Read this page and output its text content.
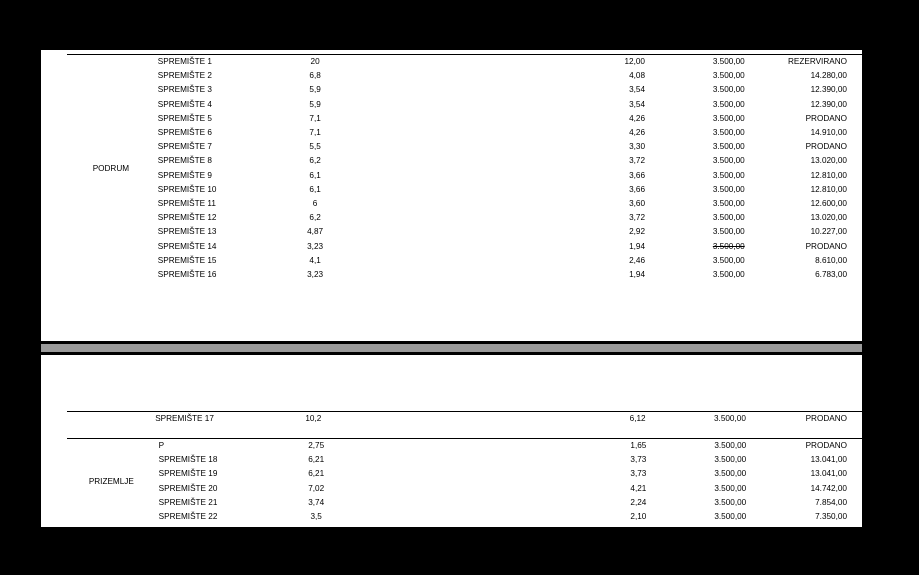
PODRUM	SPREMIŠTE 1	20		12,00	3.500,00	REZERVIRANO
	SPREMIŠTE 2	6,8		4,08	3.500,00	14.280,00
	SPREMIŠTE 3	5,9		3,54	3.500,00	12.390,00
	SPREMIŠTE 4	5,9		3,54	3.500,00	12.390,00
	SPREMIŠTE 5	7,1		4,26	3.500,00	PRODANO
	SPREMIŠTE 6	7,1		4,26	3.500,00	14.910,00
	SPREMIŠTE 7	5,5		3,30	3.500,00	PRODANO
	SPREMIŠTE 8	6,2		3,72	3.500,00	13.020,00
	SPREMIŠTE 9	6,1		3,66	3.500,00	12.810,00
	SPREMIŠTE 10	6,1		3,66	3.500,00	12.810,00
	SPREMIŠTE 11	6		3,60	3.500,00	12.600,00
	SPREMIŠTE 12	6,2		3,72	3.500,00	13.020,00
	SPREMIŠTE 13	4,87		2,92	3.500,00	10.227,00
	SPREMIŠTE 14	3,23		1,94	3.500,00	PRODANO
	SPREMIŠTE 15	4,1		2,46	3.500,00	8.610,00
	SPREMIŠTE 16	3,23		1,94	3.500,00	6.783,00
	SPREMIŠTE 17	10,2		6,12	3.500,00	PRODANO
PRIZEMLJE	P	2,75		1,65	3.500,00	PRODANO
	SPREMIŠTE 18	6,21		3,73	3.500,00	13.041,00
	SPREMIŠTE 19	6,21		3,73	3.500,00	13.041,00
	SPREMIŠTE 20	7,02		4,21	3.500,00	14.742,00
	SPREMIŠTE 21	3,74		2,24	3.500,00	7.854,00
	SPREMIŠTE 22	3,5		2,10	3.500,00	7.350,00
